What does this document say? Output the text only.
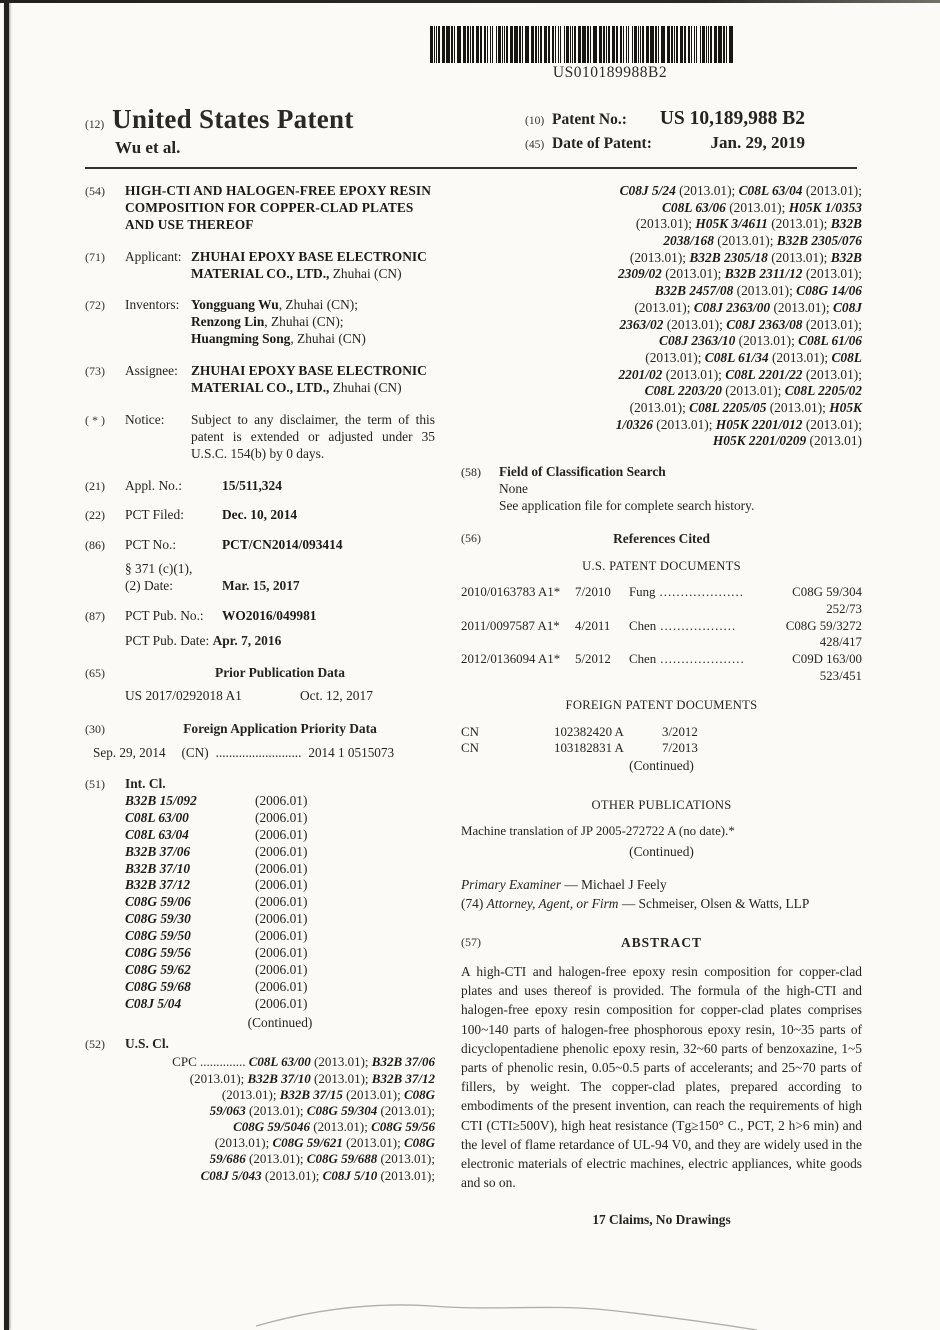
US010189988B2
(12) United States Patent
Wu et al.
(10) Patent No.:	US 10,189,988 B2
(45) Date of Patent:	Jan. 29, 2019
(54)	HIGH-CTI AND HALOGEN-FREE EPOXY RESIN COMPOSITION FOR COPPER-CLAD PLATES AND USE THEREOF
(71)	Applicant: ZHUHAI EPOXY BASE ELECTRONIC MATERIAL CO., LTD., Zhuhai (CN)
(72)	Inventors: Yongguang Wu, Zhuhai (CN);
Renzong Lin, Zhuhai (CN);
Huangming Song, Zhuhai (CN)
(73)	Assignee: ZHUHAI EPOXY BASE ELECTRONIC MATERIAL CO., LTD., Zhuhai (CN)
( * )	Notice:	Subject to any disclaimer, the term of this patent is extended or adjusted under 35 U.S.C. 154(b) by 0 days.
(21)	Appl. No.:	15/511,324
(22)	PCT Filed:	Dec. 10, 2014
(86)	PCT No.:	PCT/CN2014/093414
§ 371 (c)(1),
(2) Date:	Mar. 15, 2017
(87)	PCT Pub. No.:	WO2016/049981
PCT Pub. Date: Apr. 7, 2016
(65)	Prior Publication Data
US 2017/0292018 A1	Oct. 12, 2017
(30)	Foreign Application Priority Data
Sep. 29, 2014 (CN) .......................... 2014 1 0515073
(51)	Int. Cl.
B32B 15/092	(2006.01)
C08L 63/00	(2006.01)
C08L 63/04	(2006.01)
B32B 37/06	(2006.01)
B32B 37/10	(2006.01)
B32B 37/12	(2006.01)
C08G 59/06	(2006.01)
C08G 59/30	(2006.01)
C08G 59/50	(2006.01)
C08G 59/56	(2006.01)
C08G 59/62	(2006.01)
C08G 59/68	(2006.01)
C08J 5/04	(2006.01)
(Continued)
(52)	U.S. Cl.
CPC .............. C08L 63/00 (2013.01); B32B 37/06
(2013.01); B32B 37/10 (2013.01); B32B 37/12
(2013.01); B32B 37/15 (2013.01); C08G
59/063 (2013.01); C08G 59/304 (2013.01);
C08G 59/5046 (2013.01); C08G 59/56
(2013.01); C08G 59/621 (2013.01); C08G
59/686 (2013.01); C08G 59/688 (2013.01);
C08J 5/043 (2013.01); C08J 5/10 (2013.01);
C08J 5/24 (2013.01); C08L 63/04 (2013.01);
C08L 63/06 (2013.01); H05K 1/0353
(2013.01); H05K 3/4611 (2013.01); B32B
2038/168 (2013.01); B32B 2305/076
(2013.01); B32B 2305/18 (2013.01); B32B
2309/02 (2013.01); B32B 2311/12 (2013.01);
B32B 2457/08 (2013.01); C08G 14/06
(2013.01); C08J 2363/00 (2013.01); C08J
2363/02 (2013.01); C08J 2363/08 (2013.01);
C08J 2363/10 (2013.01); C08L 61/06
(2013.01); C08L 61/34 (2013.01); C08L
2201/02 (2013.01); C08L 2201/22 (2013.01);
C08L 2203/20 (2013.01); C08L 2205/02
(2013.01); C08L 2205/05 (2013.01); H05K
1/0326 (2013.01); H05K 2201/012 (2013.01);
H05K 2201/0209 (2013.01)
(58)	Field of Classification Search
None
See application file for complete search history.
(56)	References Cited
U.S. PATENT DOCUMENTS
2010/0163783 A1*	7/2010	Fung ....................	C08G 59/304
252/73
2011/0097587 A1*	4/2011	Chen ..................	C08G 59/3272
428/417
2012/0136094 A1*	5/2012	Chen ....................	C09D 163/00
523/451
FOREIGN PATENT DOCUMENTS
CN	102382420 A	3/2012
CN	103182831 A	7/2013
(Continued)
OTHER PUBLICATIONS
Machine translation of JP 2005-272722 A (no date).*
(Continued)
Primary Examiner — Michael J Feely
(74) Attorney, Agent, or Firm — Schmeiser, Olsen & Watts, LLP
(57)	ABSTRACT
A high-CTI and halogen-free epoxy resin composition for copper-clad plates and uses thereof is provided. The formula of the high-CTI and halogen-free epoxy resin composition for copper-clad plates comprises 100~140 parts of halogen-free phosphorous epoxy resin, 10~35 parts of dicyclopentadiene phenolic epoxy resin, 32~60 parts of benzoxazine, 1~5 parts of phenolic resin, 0.05~0.5 parts of accelerants; and 25~70 parts of fillers, by weight. The copper-clad plates, prepared according to embodiments of the present invention, can reach the requirements of high CTI (CTI≥500V), high heat resistance (Tg≥150° C., PCT, 2 h>6 min) and the level of flame retardance of UL-94 V0, and they are widely used in the electronic materials of electric machines, electric appliances, white goods and so on.
17 Claims, No Drawings
